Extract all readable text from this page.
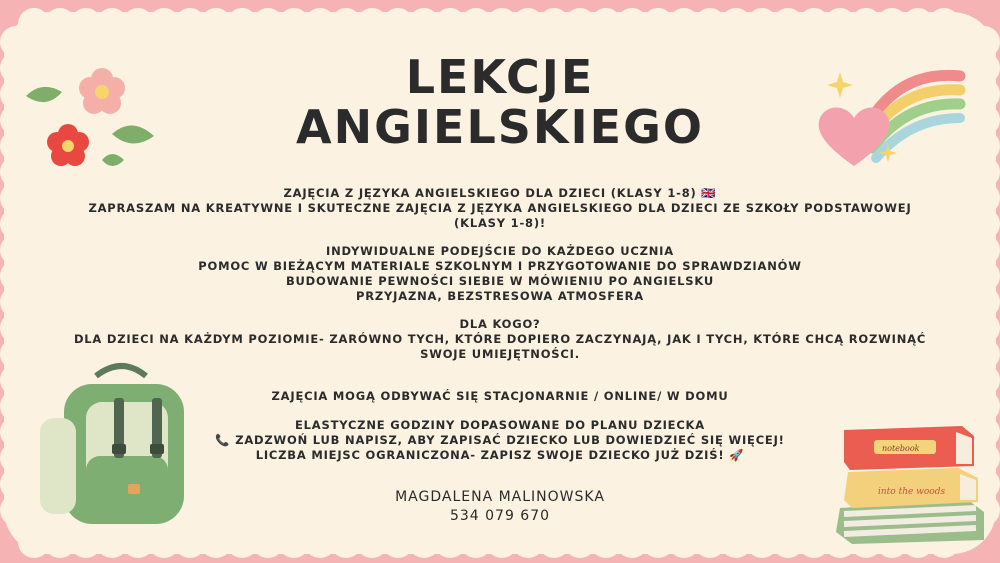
into the woods
notebook
LEKCJE
ANGIELSKIEGO
ZAJĘCIA Z JĘZYKA ANGIELSKIEGO DLA DZIECI (KLASY 1-8) 🇬🇧
ZAPRASZAM NA KREATYWNE I SKUTECZNE ZAJĘCIA Z JĘZYKA ANGIELSKIEGO DLA DZIECI ZE SZKOŁY PODSTAWOWEJ
(KLASY 1-8)!
INDYWIDUALNE PODEJŚCIE DO KAŻDEGO UCZNIA
POMOC W BIEŻĄCYM MATERIALE SZKOLNYM I PRZYGOTOWANIE DO SPRAWDZIANÓW
BUDOWANIE PEWNOŚCI SIEBIE W MÓWIENIU PO ANGIELSKU
PRZYJAZNA, BEZSTRESOWA ATMOSFERA
DLA KOGO?
DLA DZIECI NA KAŻDYM POZIOMIE- ZARÓWNO TYCH, KTÓRE DOPIERO ZACZYNAJĄ, JAK I TYCH, KTÓRE CHCĄ ROZWINĄĆ
SWOJE UMIEJĘTNOŚCI.
ZAJĘCIA MOGĄ ODBYWAĆ SIĘ STACJONARNIE / ONLINE/ W DOMU
ELASTYCZNE GODZINY DOPASOWANE DO PLANU DZIECKA
📞 ZADZWOŃ LUB NAPISZ, ABY ZAPISAĆ DZIECKO LUB DOWIEDZIEĆ SIĘ WIĘCEJ!
LICZBA MIEJSC OGRANICZONA- ZAPISZ SWOJE DZIECKO JUŻ DZIŚ! 🚀
MAGDALENA MALINOWSKA
534 079 670
